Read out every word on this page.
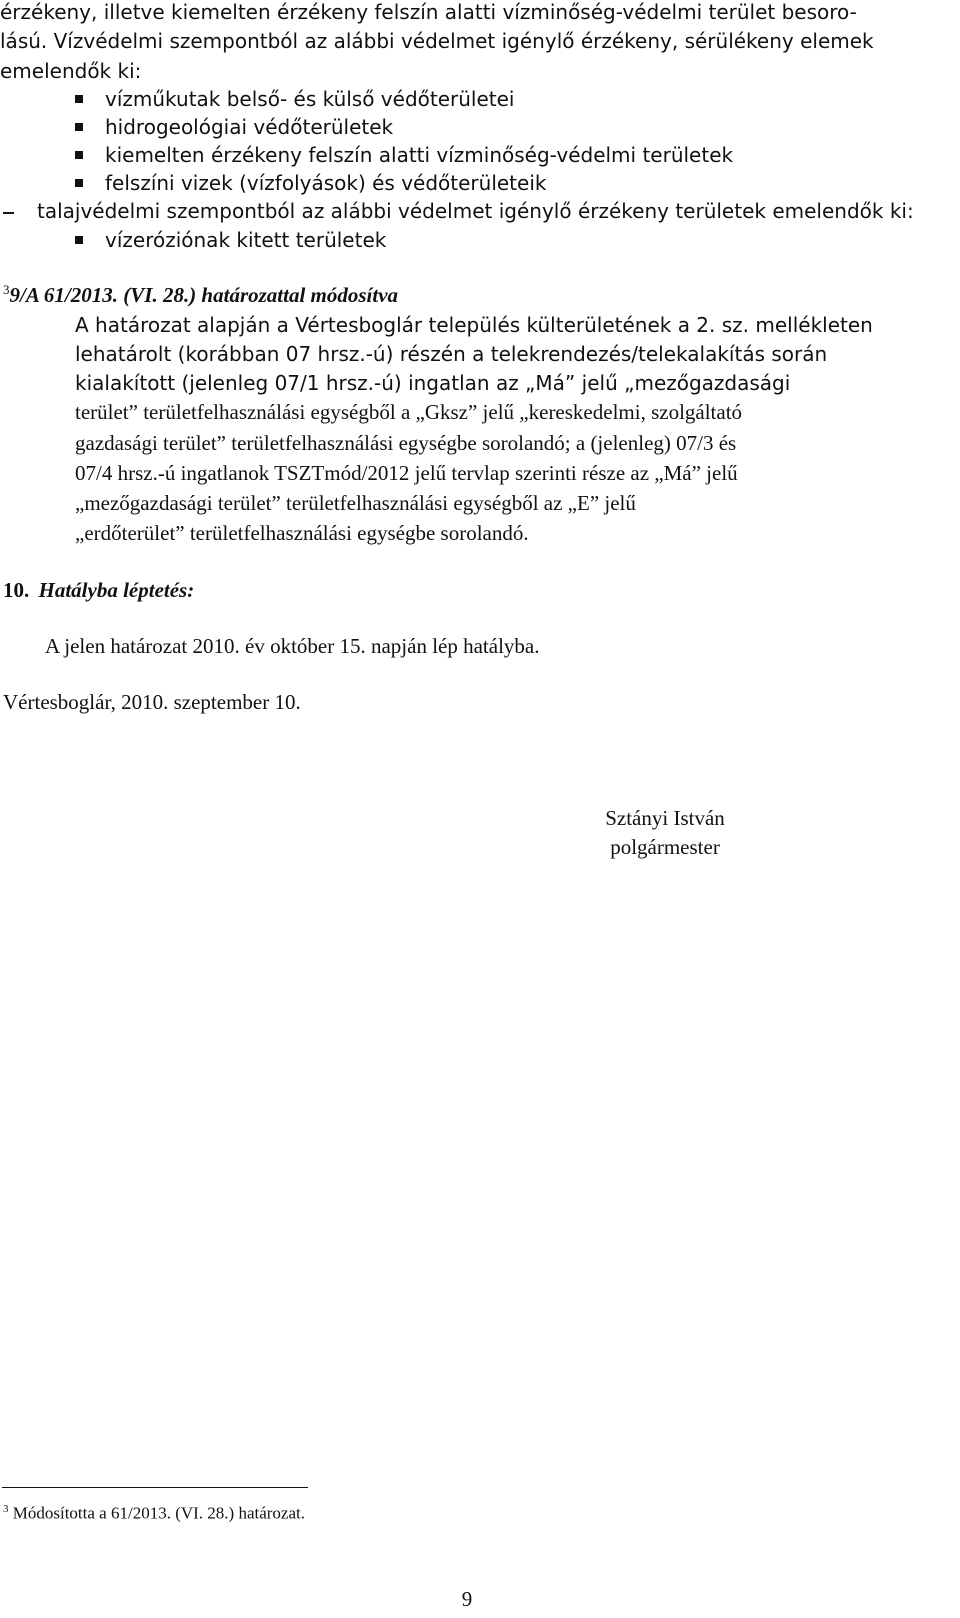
érzékeny, illetve kiemelten érzékeny felszín alatti vízminőség-védelmi terület besoro-
lású. Vízvédelmi szempontból az alábbi védelmet igénylő érzékeny, sérülékeny elemek
emelendők ki:
vízműkutak belső- és külső védőterületei
hidrogeológiai védőterületek
kiemelten érzékeny felszín alatti vízminőség-védelmi területek
felszíni vizek (vízfolyások) és védőterületeik
talajvédelmi szempontból az alábbi védelmet igénylő érzékeny területek emelendők ki:
vízeróziónak kitett területek
$^3$9/A 61/2013. (VI. 28.) határozattal módosítva
A határozat alapján a Vértesboglár település külterületének a 2. sz. mellékleten
lehatárolt (korábban 07 hrsz.-ú) részén a telekrendezés/telekalakítás során
kialakított (jelenleg 07/1 hrsz.-ú) ingatlan az „Má” jelű „mezőgazdasági
terület” területfelhasználási egységből a „Gksz” jelű „kereskedelmi, szolgáltató
gazdasági terület” területfelhasználási egységbe sorolandó; a (jelenleg) 07/3 és
07/4 hrsz.-ú ingatlanok TSZTmód/2012 jelű tervlap szerinti része az „Má” jelű
„mezőgazdasági terület” területfelhasználási egységből az „E” jelű
„erdőterület” területfelhasználási egységbe sorolandó.
10. Hatályba léptetés:
A jelen határozat 2010. év október 15. napján lép hatályba.
Vértesboglár, 2010. szeptember 10.
Sztányi István
polgármester
$^3$ Módosította a 61/2013. (VI. 28.) határozat.
9
